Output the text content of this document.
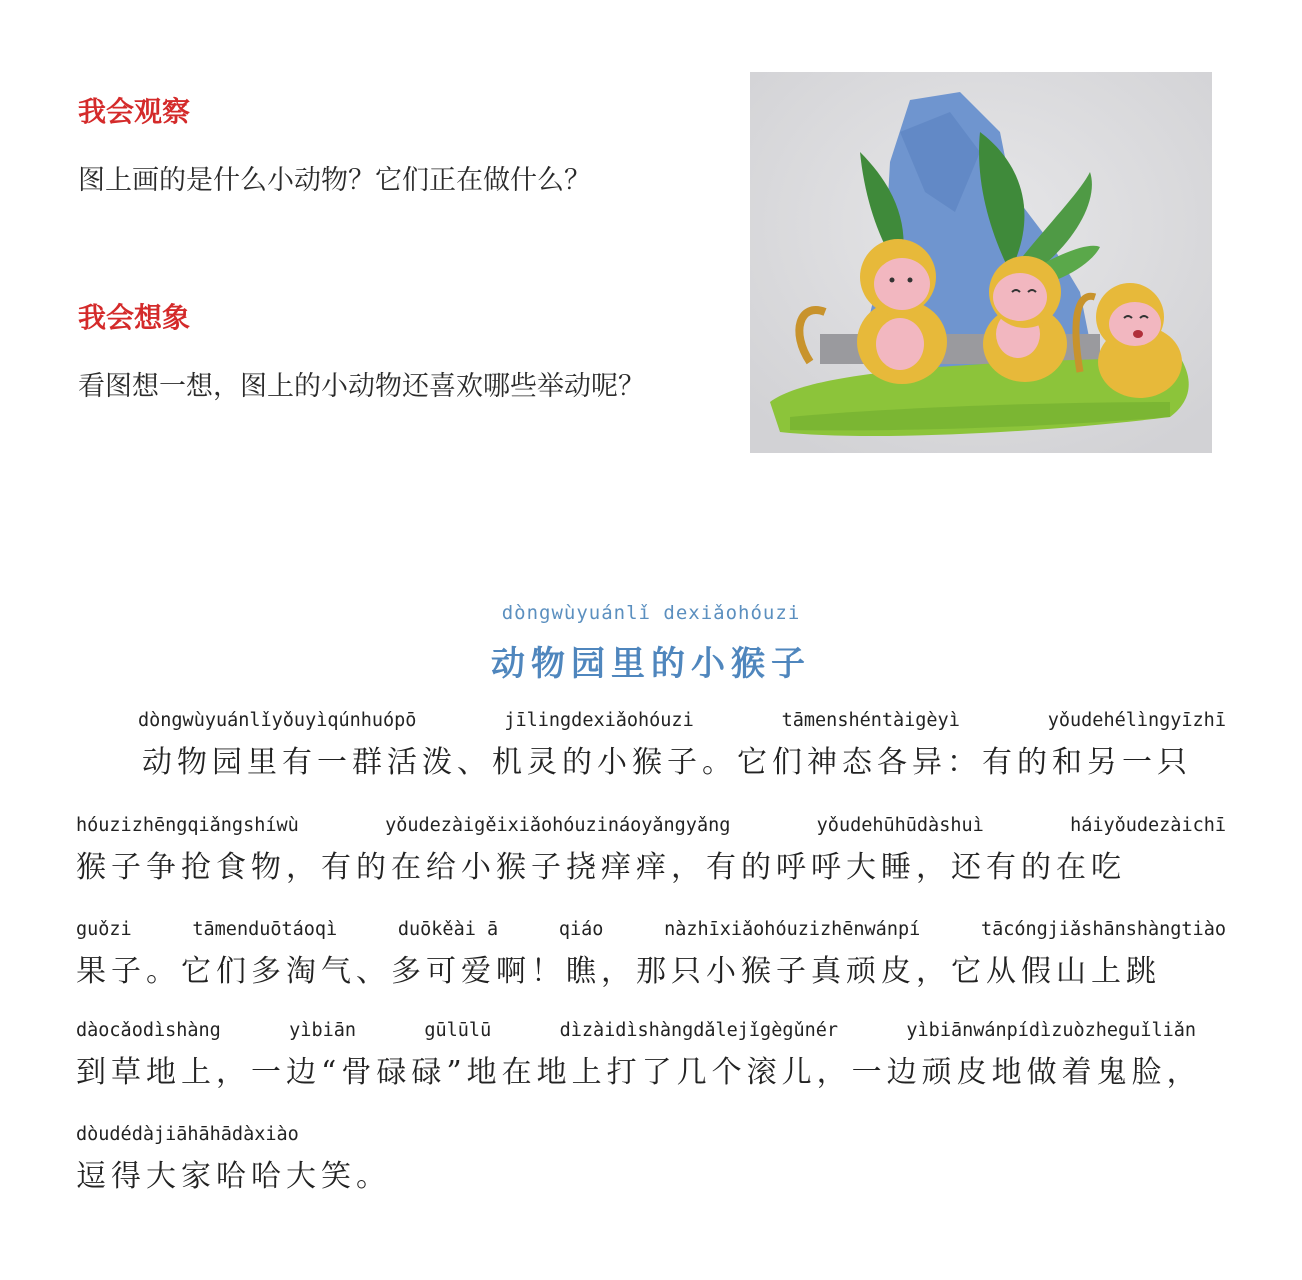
我会观察
图上画的是什么小动物？它们正在做什么？
我会想象
看图想一想，图上的小动物还喜欢哪些举动呢？
dòngwùyuánlǐ dexiǎohóuzi
动物园里的小猴子
dòngwùyuánlǐyǒuyìqúnhuópō	jīlingdexiǎohóuzi	tāmenshéntàigèyì	yǒudehélìngyīzhī
动物园里有一群活泼、机灵的小猴子。它们神态各异：有的和另一只
hóuzizhēngqiǎngshíwù	yǒudezàigěixiǎohóuzináoyǎngyǎng	yǒudehūhūdàshuì	háiyǒudezàichī
猴子争抢食物，有的在给小猴子挠痒痒，有的呼呼大睡，还有的在吃
guǒzi	tāmenduōtáoqì	duōkěài ā	qiáo	nàzhīxiǎohóuzizhēnwánpí	tācóngjiǎshānshàngtiào
果子。它们多淘气、多可爱啊！瞧，那只小猴子真顽皮，它从假山上跳
dàocǎodìshàng	yìbiān	gūlūlū	dìzàidìshàngdǎlejǐgègǔnér	yìbiānwánpídìzuòzheguǐliǎn
到草地上，一边“骨碌碌”地在地上打了几个滚儿，一边顽皮地做着鬼脸，
dòudédàjiāhāhādàxiào
逗得大家哈哈大笑。
